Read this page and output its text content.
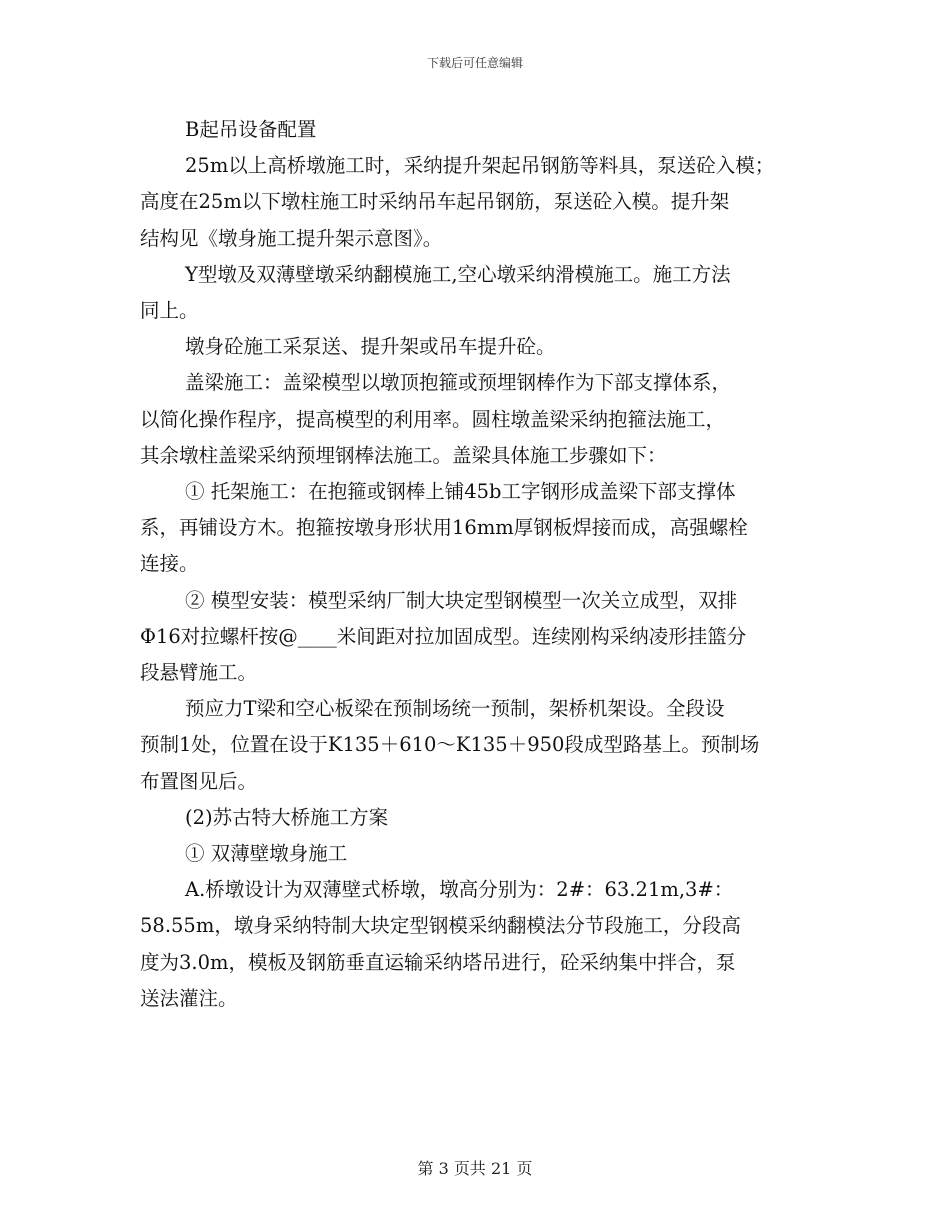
下载后可任意编辑
B起吊设备配置
25m以上高桥墩施工时，采纳提升架起吊钢筋等料具，泵送砼入模；
高度在25m以下墩柱施工时采纳吊车起吊钢筋，泵送砼入模。提升架
结构见《墩身施工提升架示意图》。
Y型墩及双薄壁墩采纳翻模施工,空心墩采纳滑模施工。施工方法
同上。
墩身砼施工采泵送、提升架或吊车提升砼。
盖梁施工：盖梁模型以墩顶抱箍或预埋钢棒作为下部支撑体系，
以简化操作程序，提高模型的利用率。圆柱墩盖梁采纳抱箍法施工，
其余墩柱盖梁采纳预埋钢棒法施工。盖梁具体施工步骤如下：
① 托架施工：在抱箍或钢棒上铺45b工字钢形成盖梁下部支撑体
系，再铺设方木。抱箍按墩身形状用16mm厚钢板焊接而成，高强螺栓
连接。
② 模型安装：模型采纳厂制大块定型钢模型一次关立成型，双排
Φ16对拉螺杆按@____米间距对拉加固成型。连续刚构采纳凌形挂篮分
段悬臂施工。
预应力T梁和空心板梁在预制场统一预制，架桥机架设。全段设
预制1处，位置在设于K135＋610～K135＋950段成型路基上。预制场
布置图见后。
(2)苏古特大桥施工方案
① 双薄壁墩身施工
A.桥墩设计为双薄壁式桥墩，墩高分别为：2#：63.21m,3#：
58.55m，墩身采纳特制大块定型钢模采纳翻模法分节段施工，分段高
度为3.0m，模板及钢筋垂直运输采纳塔吊进行，砼采纳集中拌合，泵
送法灌注。
第 3 页共 21 页
